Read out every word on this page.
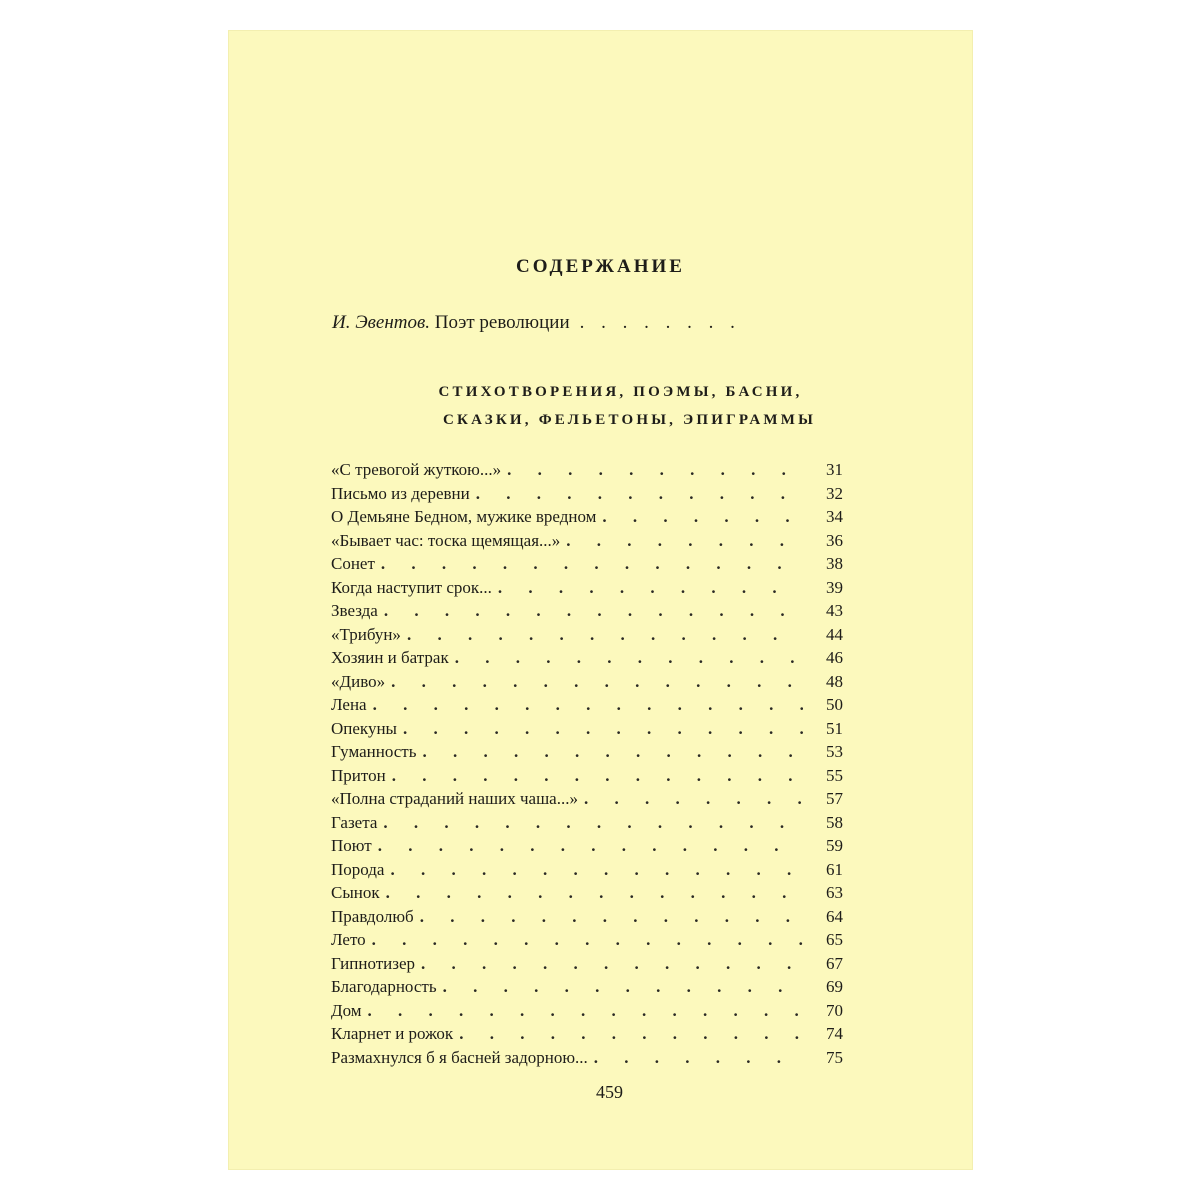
СОДЕРЖАНИЕ
И. Эвентов.
Поэт революции . . . . . . . .
СТИХОТВОРЕНИЯ, ПОЭМЫ, БАСНИ,
СКАЗКИ, ФЕЛЬЕТОНЫ, ЭПИГРАММЫ
«С тревогой жуткою...» . . .	31
Письмо из деревни . . .	32
О Демьяне Бедном, мужике вредном . . .	34
«Бывает час: тоска щемящая...» . . .	36
Сонет . . .	38
Когда наступит срок... . . .	39
Звезда . . .	43
«Трибун» . . .	44
Хозяин и батрак . . .	46
«Диво» . . .	48
Лена . . .	50
Опекуны . . .	51
Гуманность . . .	53
Притон . . .	55
«Полна страданий наших чаша...» . . .	57
Газета . . .	58
Поют . . .	59
Порода . . .	61
Сынок . . .	63
Правдолюб . . .	64
Лето . . .	65
Гипнотизер . . .	67
Благодарность . . .	69
Дом . . .	70
Кларнет и рожок . . .	74
Размахнулся б я басней задорною... . . .	75
459
